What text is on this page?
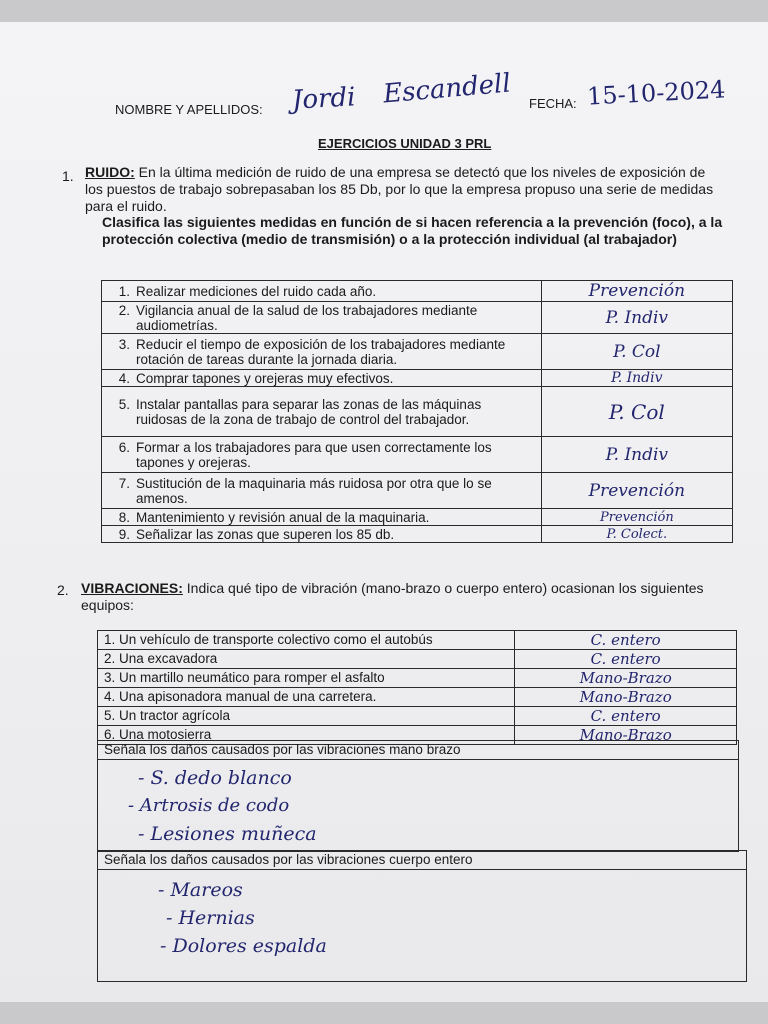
NOMBRE Y APELLIDOS: Jordi Escandell FECHA: 15-10-2024
EJERCICIOS UNIDAD 3 PRL
1. RUIDO: En la última medición de ruido de una empresa se detectó que los niveles de exposición de los puestos de trabajo sobrepasaban los 85 Db, por lo que la empresa propuso una serie de medidas para el ruido.
Clasifica las siguientes medidas en función de si hacen referencia a la prevención (foco), a la protección colectiva (medio de transmisión) o a la protección individual (al trabajador)
1. Realizar mediciones del ruido cada año.	Prevención
2. Vigilancia anual de la salud de los trabajadores mediante audiometrías.	P. Indiv
3. Reducir el tiempo de exposición de los trabajadores mediante rotación de tareas durante la jornada diaria.	P. Col
4. Comprar tapones y orejeras muy efectivos.	P. Indiv
5. Instalar pantallas para separar las zonas de las máquinas ruidosas de la zona de trabajo de control del trabajador.	P. Col
6. Formar a los trabajadores para que usen correctamente los tapones y orejeras.	P. Indiv
7. Sustitución de la maquinaria más ruidosa por otra que lo se amenos.	Prevención
8. Mantenimiento y revisión anual de la maquinaria.	Prevención
9. Señalizar las zonas que superen los 85 db.	P. Colect.
2. VIBRACIONES: Indica qué tipo de vibración (mano-brazo o cuerpo entero) ocasionan los siguientes equipos:
1. Un vehículo de transporte colectivo como el autobús	C. entero
2. Una excavadora	C. entero
3. Un martillo neumático para romper el asfalto	Mano-Brazo
4. Una apisonadora manual de una carretera.	Mano-Brazo
5. Un tractor agrícola	C. entero
6. Una motosierra	Mano-Brazo
Señala los daños causados por las vibraciones mano brazo
- S. dedo blanco
- Artrosis de codo
- Lesiones muñeca
Señala los daños causados por las vibraciones cuerpo entero
- Mareos
- Hernias
- Dolores espalda
